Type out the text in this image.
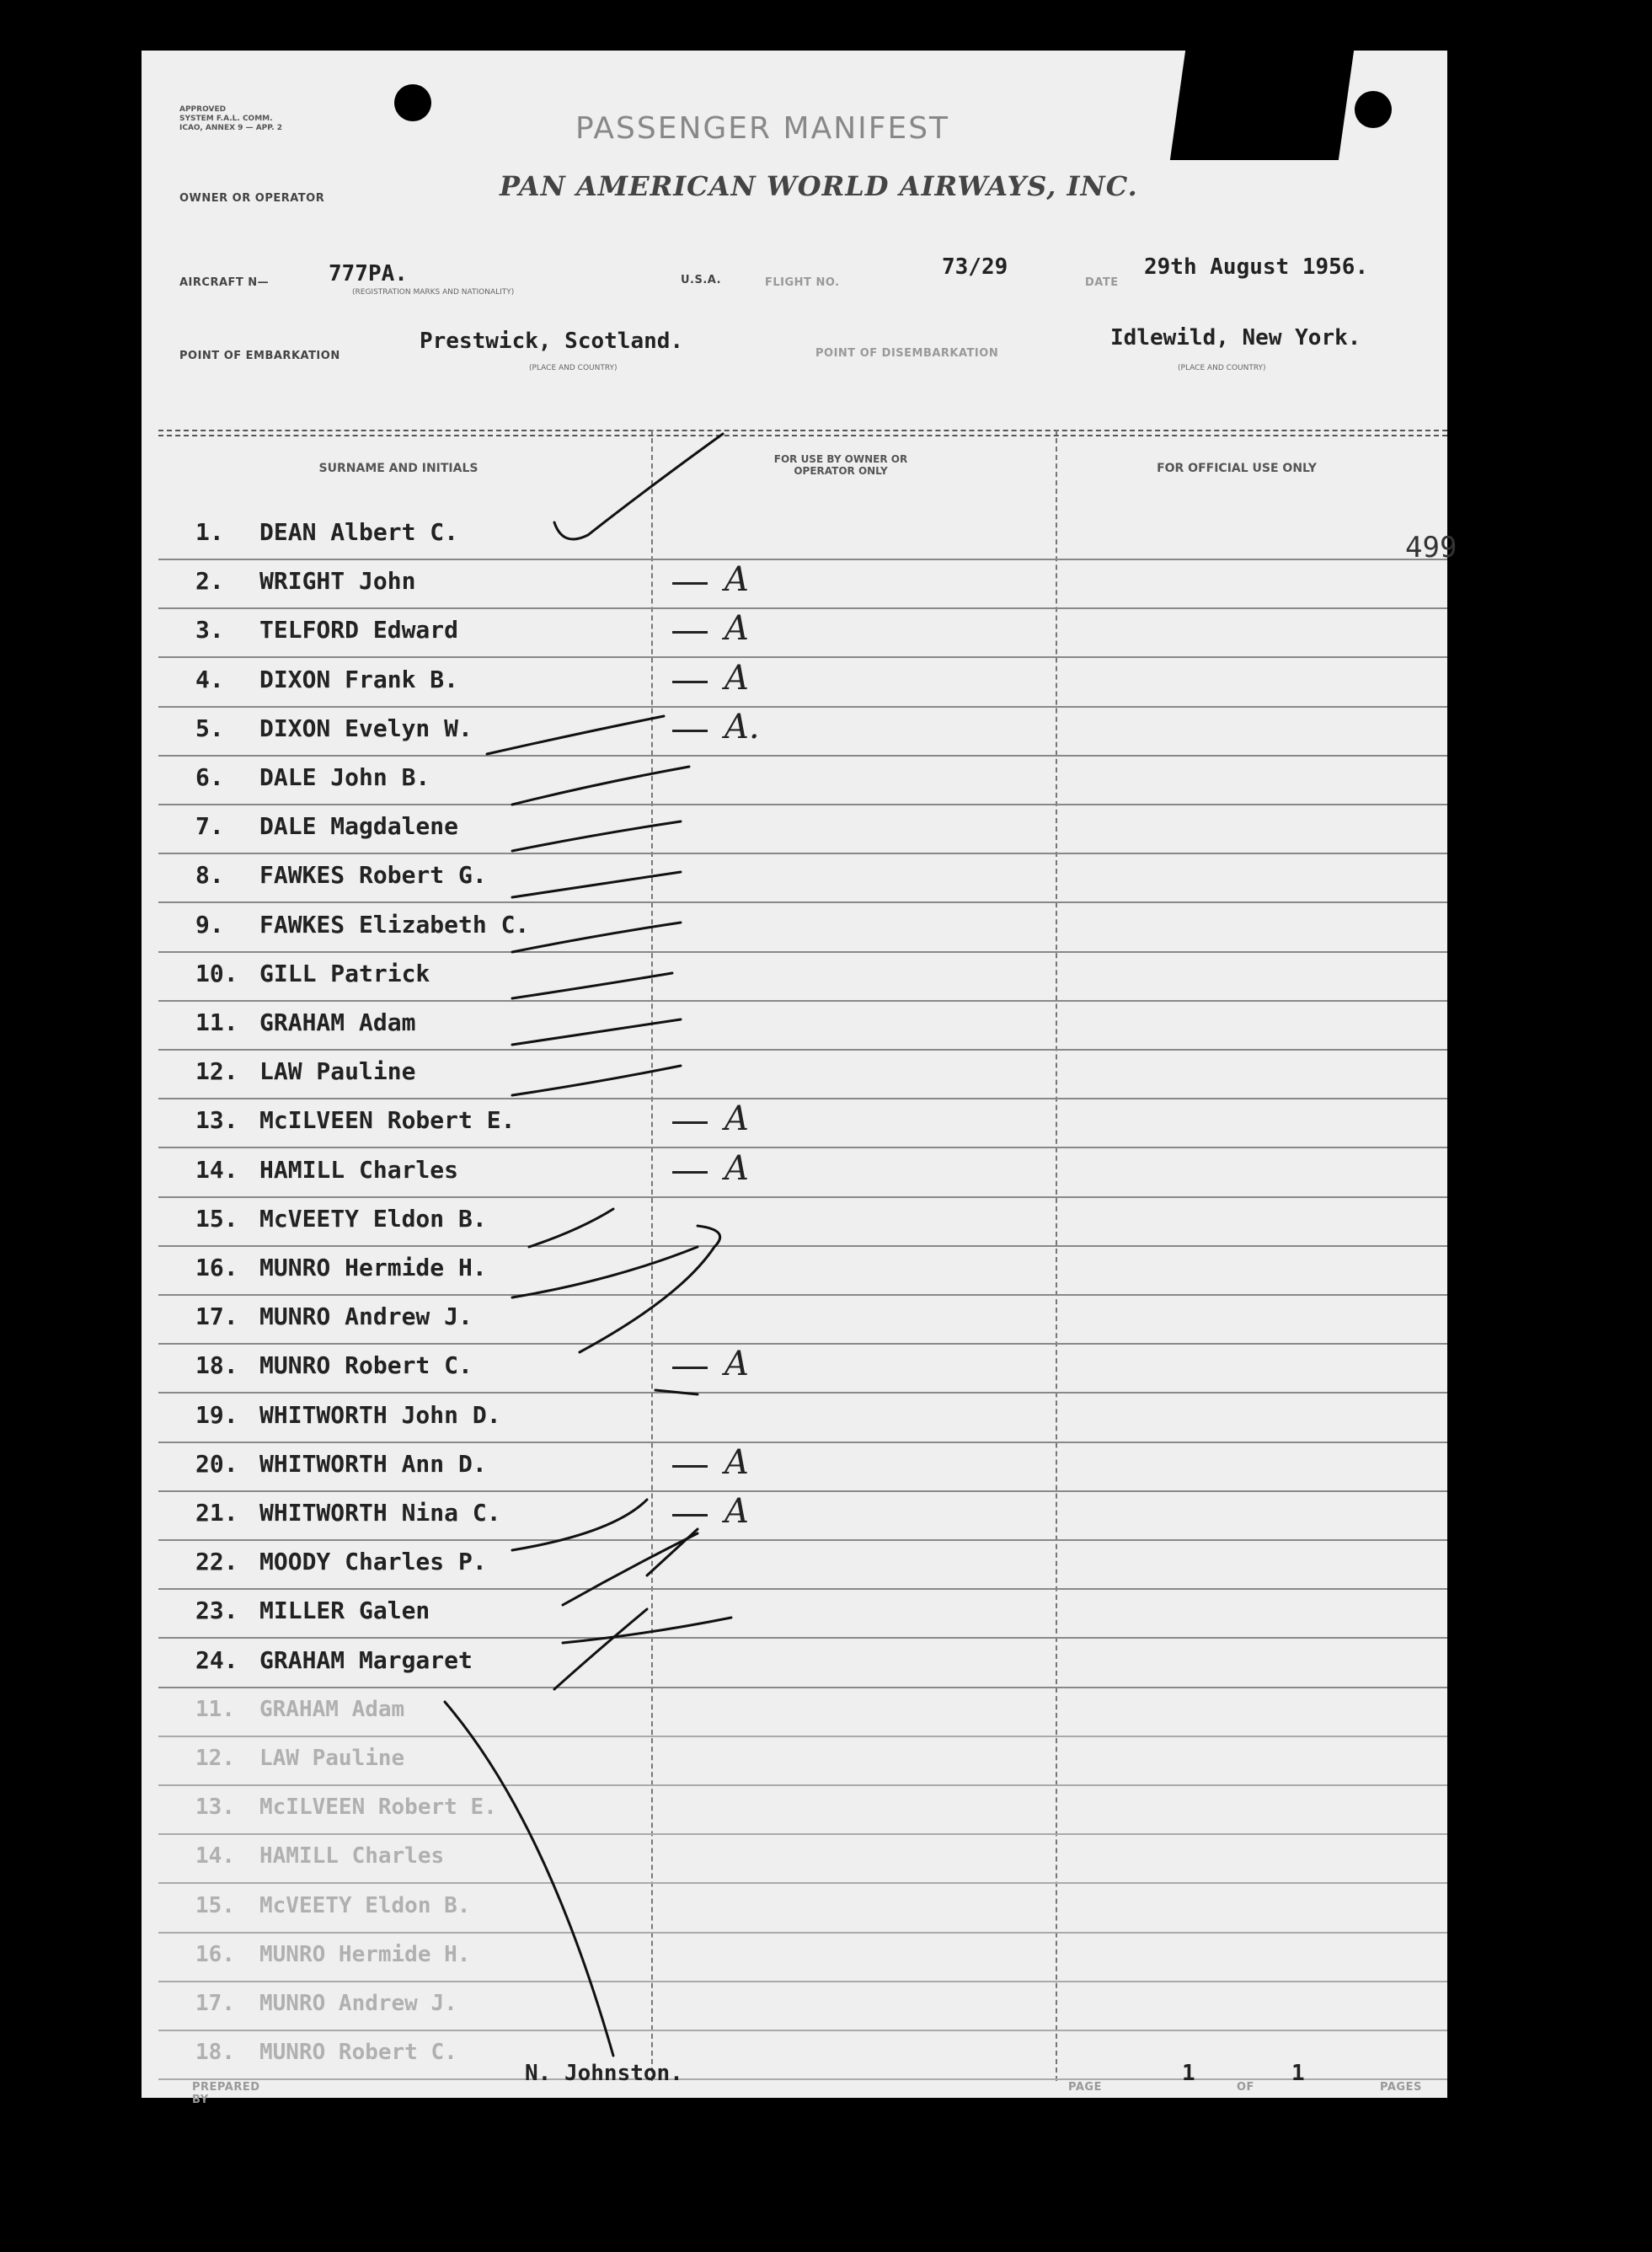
APPROVED
SYSTEM F.A.L. COMM.
ICAO, ANNEX 9 — APP. 2	PASSENGER MANIFEST
OWNER OR OPERATOR	PAN AMERICAN WORLD AIRWAYS, INC.
AIRCRAFT N—	777PA.
(REGISTRATION MARKS AND NATIONALITY)
U.S.A.	FLIGHT NO.
73/29
DATE
29th August 1956.
POINT OF EMBARKATION
Prestwick, Scotland.
(PLACE AND COUNTRY)
POINT OF DISEMBARKATION
Idlewild, New York.
(PLACE AND COUNTRY)
SURNAME AND INITIALS
FOR USE BY OWNER OR OPERATOR ONLY	FOR OFFICIAL USE ONLY
1. DEAN Albert C.
2. WRIGHT John	A
3. TELFORD Edward	A
4. DIXON Frank B.	A
5. DIXON Evelyn W.	A.
6. DALE John B.
7. DALE Magdalene
8. FAWKES Robert G.
9. FAWKES Elizabeth C.
10. GILL Patrick
11. GRAHAM Adam
12. LAW Pauline
13. McILVEEN Robert E.	A
14. HAMILL Charles	A
15. McVEETY Eldon B.
16. MUNRO Hermide H.
17. MUNRO Andrew J.
18. MUNRO Robert C.	A
19. WHITWORTH John D.
20. WHITWORTH Ann D.	A
21. WHITWORTH Nina C.	A
22. MOODY Charles P.
23. MILLER Galen
24. GRAHAM Margaret
11. GRAHAM Adam
12. LAW Pauline
13. McILVEEN Robert E.
14. HAMILL Charles
15. McVEETY Eldon B.
16. MUNRO Hermide H.
17. MUNRO Andrew J.
18. MUNRO Robert C.
499
PREPARED BY
N. Johnston.
PAGE
1
OF
1
PAGES
